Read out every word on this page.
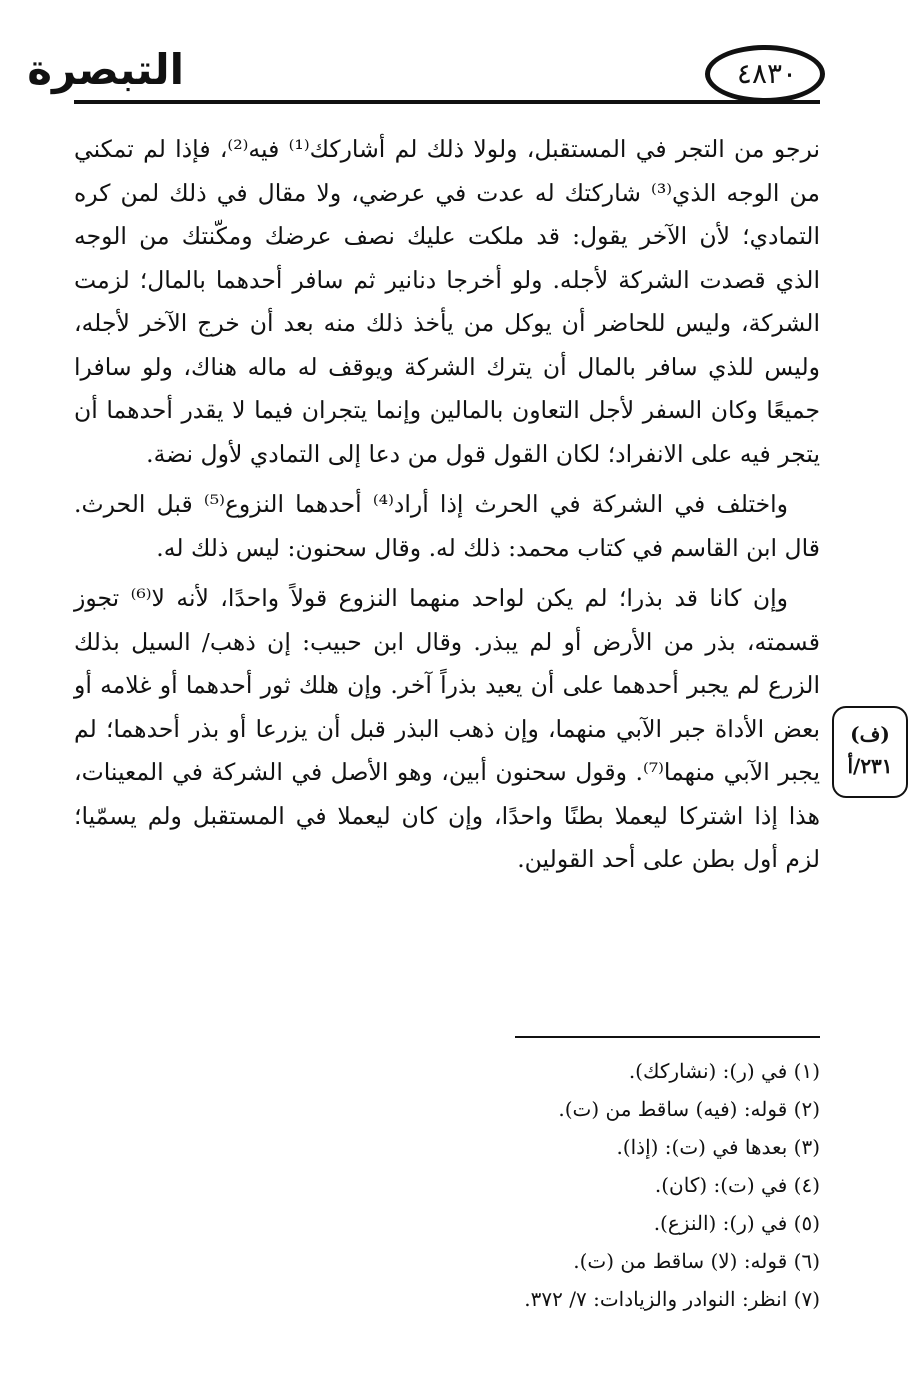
التبصرة	٤٨٣٠

نرجو من التجر في المستقبل، ولولا ذلك لم أشاركك⁽¹⁾ فيه⁽²⁾، فإذا لم تمكني من الوجه الذي⁽³⁾ شاركتك له عدت في عرضي، ولا مقال في ذلك لمن كره التمادي؛ لأن الآخر يقول: قد ملكت عليك نصف عرضك ومكّنتك من الوجه الذي قصدت الشركة لأجله. ولو أخرجا دنانير ثم سافر أحدهما بالمال؛ لزمت الشركة، وليس للحاضر أن يوكل من يأخذ ذلك منه بعد أن خرج الآخر لأجله، وليس للذي سافر بالمال أن يترك الشركة ويوقف له ماله هناك، ولو سافرا جميعًا وكان السفر لأجل التعاون بالمالين وإنما يتجران فيما لا يقدر أحدهما أن يتجر فيه على الانفراد؛ لكان القول قول من دعا إلى التمادي لأول نضة.

واختلف في الشركة في الحرث إذا أراد⁽⁴⁾ أحدهما النزوع⁽⁵⁾ قبل الحرث. قال ابن القاسم في كتاب محمد: ذلك له. وقال سحنون: ليس ذلك له.

وإن كانا قد بذرا؛ لم يكن لواحد منهما النزوع قولاً واحدًا، لأنه لا⁽⁶⁾ تجوز قسمته، بذر من الأرض أو لم يبذر. وقال ابن حبيب: إن ذهب/ السيل بذلك الزرع لم يجبر أحدهما على أن يعيد بذراً آخر. وإن هلك ثور أحدهما أو غلامه أو بعض الأداة جبر الآبي منهما، وإن ذهب البذر قبل أن يزرعا أو بذر أحدهما؛ لم يجبر الآبي منهما⁽⁷⁾. وقول سحنون أبين، وهو الأصل في الشركة في المعينات، هذا إذا اشتركا ليعملا بطنًا واحدًا، وإن كان ليعملا في المستقبل ولم يسمّيا؛ لزم أول بطن على أحد القولين.

(ف)
٢٣١/أ
(١) في (ر): (نشاركك).
(٢) قوله: (فيه) ساقط من (ت).
(٣) بعدها في (ت): (إذا).
(٤) في (ت): (كان).
(٥) في (ر): (النزع).
(٦) قوله: (لا) ساقط من (ت).
(٧) انظر: النوادر والزيادات: ٧/ ٣٧٢.
